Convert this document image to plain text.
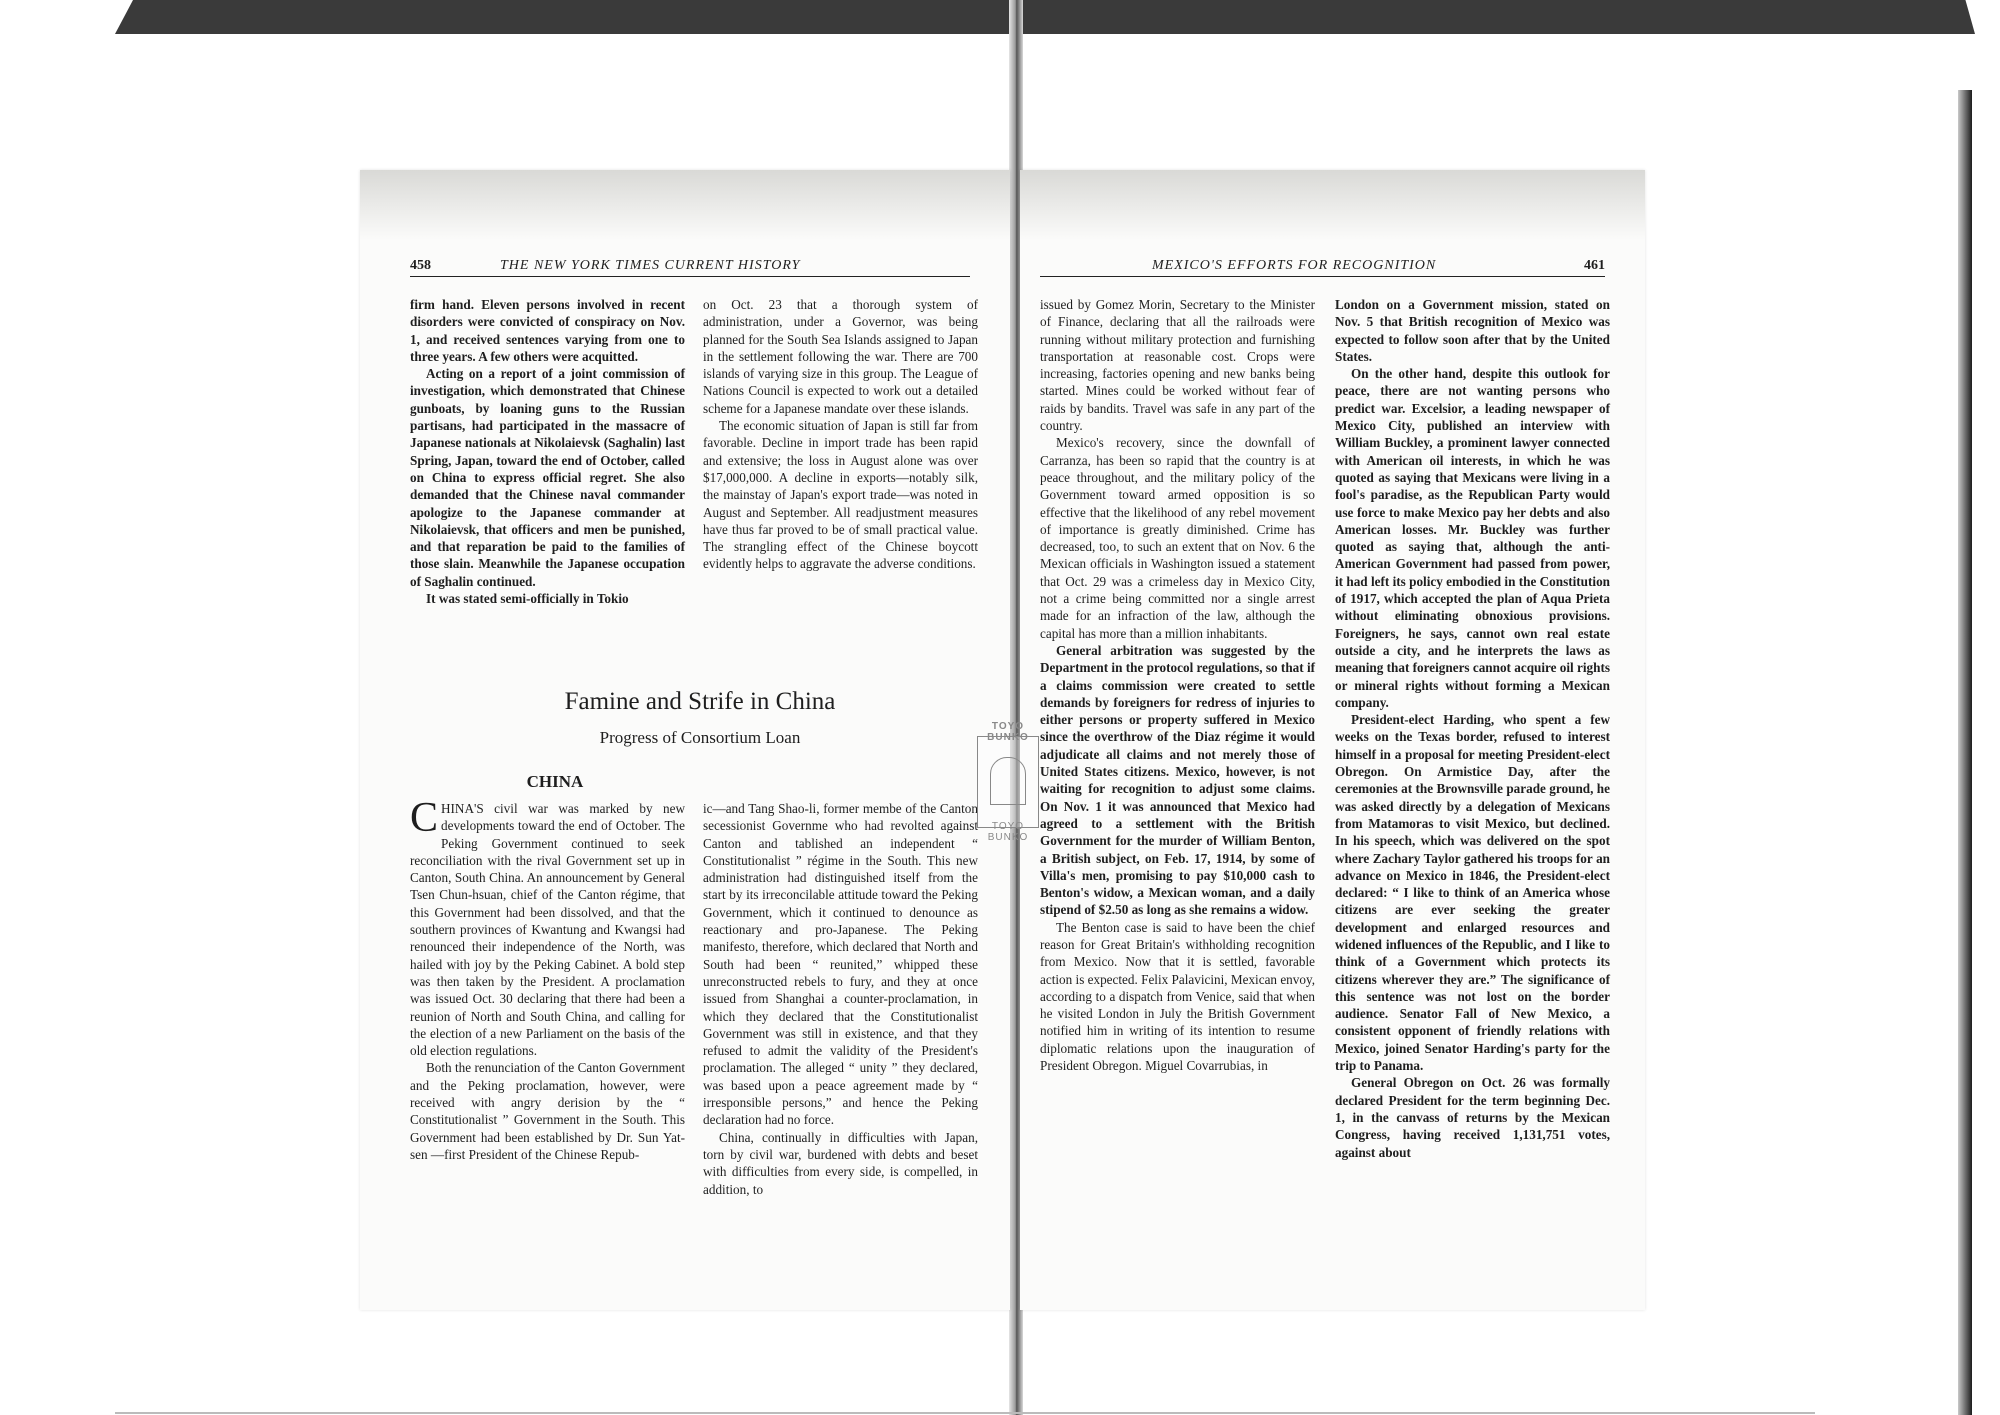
458	THE NEW YORK TIMES CURRENT HISTORY

firm hand. Eleven persons involved in recent disorders were convicted of conspiracy on Nov. 1, and received sentences varying from one to three years. A few others were acquitted.

Acting on a report of a joint commission of investigation, which demonstrated that Chinese gunboats, by loaning guns to the Russian partisans, had participated in the massacre of Japanese nationals at Nikolaievsk (Saghalin) last Spring, Japan, toward the end of October, called on China to express official regret. She also demanded that the Chinese naval commander apologize to the Japanese commander at Nikolaievsk, that officers and men be punished, and that reparation be paid to the families of those slain. Meanwhile the Japanese occupation of Saghalin continued.

It was stated semi-officially in Tokio

on Oct. 23 that a thorough system of administration, under a Governor, was being planned for the South Sea Islands assigned to Japan in the settlement following the war. There are 700 islands of varying size in this group. The League of Nations Council is expected to work out a detailed scheme for a Japanese mandate over these islands.

The economic situation of Japan is still far from favorable. Decline in import trade has been rapid and extensive; the loss in August alone was over $17,000,000. A decline in exports—notably silk, the mainstay of Japan's export trade—was noted in August and September. All readjustment measures have thus far proved to be of small practical value. The strangling effect of the Chinese boycott evidently helps to aggravate the adverse conditions.

Famine and Strife in China
Progress of Consortium Loan
CHINA

CHINA'S civil war was marked by new developments toward the end of October. The Peking Government continued to seek reconciliation with the rival Government set up in Canton, South China. An announcement by General Tsen Chun-hsuan, chief of the Canton régime, that this Government had been dissolved, and that the southern provinces of Kwantung and Kwangsi had renounced their independence of the North, was hailed with joy by the Peking Cabinet. A bold step was then taken by the President. A proclamation was issued Oct. 30 declaring that there had been a reunion of North and South China, and calling for the election of a new Parliament on the basis of the old election regulations.

Both the renunciation of the Canton Government and the Peking proclamation, however, were received with angry derision by the “ Constitutionalist ” Government in the South. This Government had been established by Dr. Sun Yat-sen —first President of the Chinese Repub-

ic—and Tang Shao-li, former membe of the Canton secessionist Governme who had revolted against Canton and tablished an independent “ Constitutionalist ” régime in the South. This new administration had distinguished itself from the start by its irreconcilable attitude toward the Peking Government, which it continued to denounce as reactionary and pro-Japanese. The Peking manifesto, therefore, which declared that North and South had been “ reunited,” whipped these unreconstructed rebels to fury, and they at once issued from Shanghai a counter-proclamation, in which they declared that the Constitutionalist Government was still in existence, and that they refused to admit the validity of the President's proclamation. The alleged “ unity ” they declared, was based upon a peace agreement made by “ irresponsible persons,” and hence the Peking declaration had no force.

China, continually in difficulties with Japan, torn by civil war, burdened with debts and beset with difficulties from every side, is compelled, in addition, to

MEXICO'S EFFORTS FOR RECOGNITION	461

issued by Gomez Morin, Secretary to the Minister of Finance, declaring that all the railroads were running without military protection and furnishing transportation at reasonable cost. Crops were increasing, factories opening and new banks being started. Mines could be worked without fear of raids by bandits. Travel was safe in any part of the country.

Mexico's recovery, since the downfall of Carranza, has been so rapid that the country is at peace throughout, and the military policy of the Government toward armed opposition is so effective that the likelihood of any rebel movement of importance is greatly diminished. Crime has decreased, too, to such an extent that on Nov. 6 the Mexican officials in Washington issued a statement that Oct. 29 was a crimeless day in Mexico City, not a crime being committed nor a single arrest made for an infraction of the law, although the capital has more than a million inhabitants.

General arbitration was suggested by the Department in the protocol regulations, so that if a claims commission were created to settle demands by foreigners for redress of injuries to either persons or property suffered in Mexico since the overthrow of the Diaz régime it would adjudicate all claims and not merely those of United States citizens. Mexico, however, is not waiting for recognition to adjust some claims. On Nov. 1 it was announced that Mexico had agreed to a settlement with the British Government for the murder of William Benton, a British subject, on Feb. 17, 1914, by some of Villa's men, promising to pay $10,000 cash to Benton's widow, a Mexican woman, and a daily stipend of $2.50 as long as she remains a widow.

The Benton case is said to have been the chief reason for Great Britain's withholding recognition from Mexico. Now that it is settled, favorable action is expected. Felix Palavicini, Mexican envoy, according to a dispatch from Venice, said that when he visited London in July the British Government notified him in writing of its intention to resume diplomatic relations upon the inauguration of President Obregon. Miguel Covarrubias, in

London on a Government mission, stated on Nov. 5 that British recognition of Mexico was expected to follow soon after that by the United States.

On the other hand, despite this outlook for peace, there are not wanting persons who predict war. Excelsior, a leading newspaper of Mexico City, published an interview with William Buckley, a prominent lawyer connected with American oil interests, in which he was quoted as saying that Mexicans were living in a fool's paradise, as the Republican Party would use force to make Mexico pay her debts and also American losses. Mr. Buckley was further quoted as saying that, although the anti-American Government had passed from power, it had left its policy embodied in the Constitution of 1917, which accepted the plan of Aqua Prieta without eliminating obnoxious provisions. Foreigners, he says, cannot own real estate outside a city, and he interprets the laws as meaning that foreigners cannot acquire oil rights or mineral rights without forming a Mexican company.

President-elect Harding, who spent a few weeks on the Texas border, refused to interest himself in a proposal for meeting President-elect Obregon. On Armistice Day, after the ceremonies at the Brownsville parade ground, he was asked directly by a delegation of Mexicans from Matamoras to visit Mexico, but declined. In his speech, which was delivered on the spot where Zachary Taylor gathered his troops for an advance on Mexico in 1846, the President-elect declared: “ I like to think of an America whose citizens are ever seeking the greater development and enlarged resources and widened influences of the Republic, and I like to think of a Government which protects its citizens wherever they are.” The significance of this sentence was not lost on the border audience. Senator Fall of New Mexico, a consistent opponent of friendly relations with Mexico, joined Senator Harding's party for the trip to Panama.

General Obregon on Oct. 26 was formally declared President for the term beginning Dec. 1, in the canvass of returns by the Mexican Congress, having received 1,131,751 votes, against about

TOYO BUNKO
TOYO BUNKO
